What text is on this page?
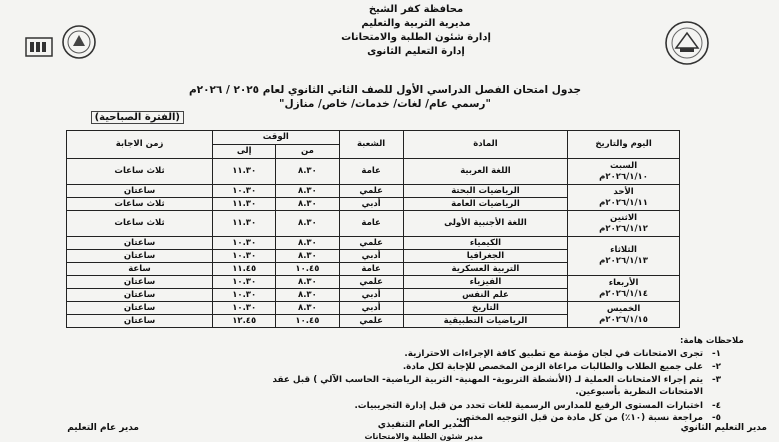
محافظة كفر الشيخ
مديرية التربية والتعليم
إدارة شئون الطلبة والامتحانات
إدارة التعليم الثانوى
جدول امتحان الفصل الدراسي الأول للصف الثاني الثانوي لعام ٢٠٢٥ / ٢٠٢٦م
"رسمي عام/ لغات/ خدمات/ خاص/ منازل"
(الفترة الصباحية)
اليوم والتاريخ	المادة	الشعبة	الوقت		زمن الاجابة
			من	إلى	

السبت
٢٠٢٦/١/١٠م	اللغة العربية	عامة	٨.٣٠	١١.٣٠	ثلاث ساعات

الأحد
٢٠٢٦/١/١١م	الرياضيات البحتة	علمي	٨.٣٠	١٠.٣٠	ساعتان
	الرياضيات العامة	أدبي	٨.٣٠	١١.٣٠	ثلاث ساعات

الاثنين
٢٠٢٦/١/١٢م	اللغة الأجنبية الأولى	عامة	٨.٣٠	١١.٣٠	ثلاث ساعات

الثلاثاء
٢٠٢٦/١/١٣م	الكيمياء	علمي	٨.٣٠	١٠.٣٠	ساعتان
	الجغرافيا	أدبي	٨.٣٠	١٠.٣٠	ساعتان
	التربية العسكرية	عامة	١٠.٤٥	١١.٤٥	ساعة

الأربعاء
٢٠٢٦/١/١٤م	الفيزياء	علمي	٨.٣٠	١٠.٣٠	ساعتان
	علم النفس	أدبي	٨.٣٠	١٠.٣٠	ساعتان

الخميس
٢٠٢٦/١/١٥م	التاريخ	أدبي	٨.٣٠	١٠.٣٠	ساعتان
	الرياضيات التطبيقية	علمي	١٠.٤٥	١٢.٤٥	ساعتان
ملاحظات هامة:
١-تجرى الامتحانات في لجان مؤمنة مع تطبيق كافة الإجراءات الاحترازية.
٢-على جميع الطلاب والطالبات مراعاة الزمن المخصص للإجابة لكل مادة.
٣-يتم إجراء الامتحانات العملية لـ (الأنشطة التربوية- المهنية- التربية الرياضية- الحاسب الآلي ) قبل عقد
الامتحانات النظرية بأسبوعين.
٤-اختبارات المستوى الرفيع للمدارس الرسمية للغات تحدد من قبل إدارة التجريبيات.
٥-مراجعة نسبة (١٠٪) من كل مادة من قبل التوجيه المختص.
مدير التعليم الثانوي
المدير العام التنفيذي
مدير شئون الطلبة والامتحانات
مدير عام التعليم
